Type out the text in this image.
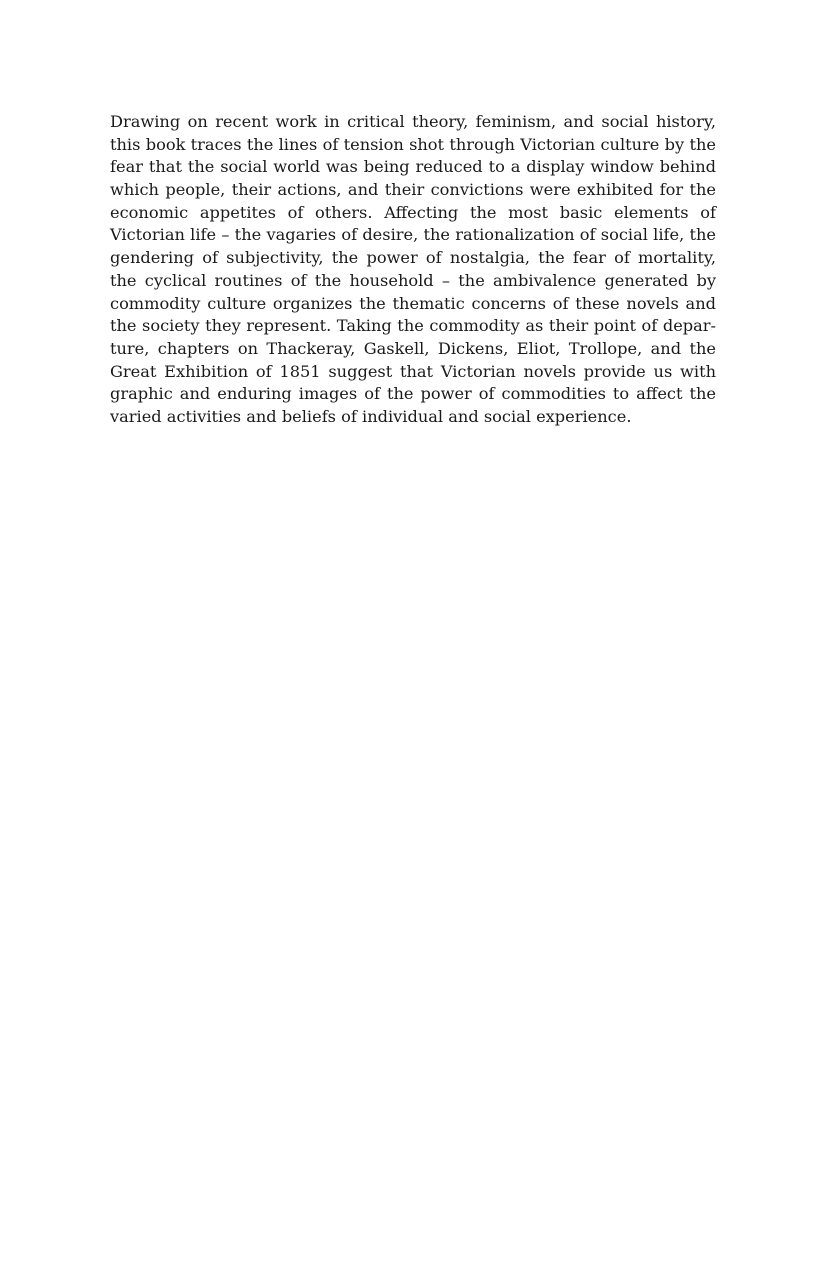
Drawing on recent work in critical theory, feminism, and social history,
this book traces the lines of tension shot through Victorian culture by the
fear that the social world was being reduced to a display window behind
which people, their actions, and their convictions were exhibited for the
economic appetites of others. Affecting the most basic elements of
Victorian life – the vagaries of desire, the rationalization of social life, the
gendering of subjectivity, the power of nostalgia, the fear of mortality,
the cyclical routines of the household – the ambivalence generated by
commodity culture organizes the thematic concerns of these novels and
the society they represent. Taking the commodity as their point of depar-
ture, chapters on Thackeray, Gaskell, Dickens, Eliot, Trollope, and the
Great Exhibition of 1851 suggest that Victorian novels provide us with
graphic and enduring images of the power of commodities to affect the
varied activities and beliefs of individual and social experience.
